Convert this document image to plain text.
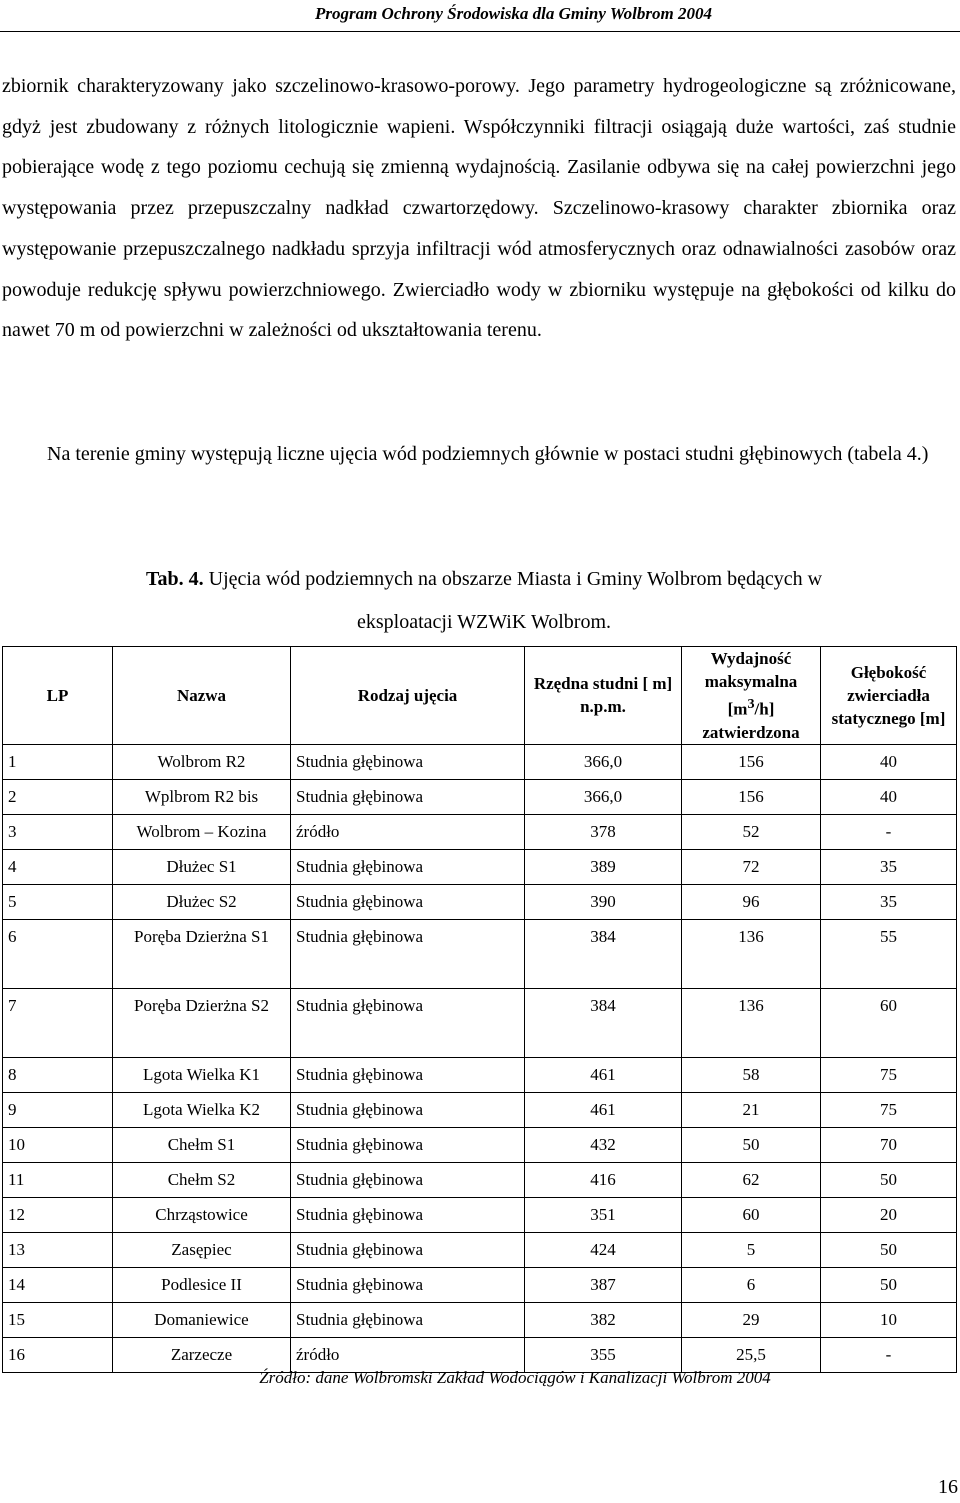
Program Ochrony Środowiska dla Gminy Wolbrom 2004
zbiornik charakteryzowany jako szczelinowo-krasowo-porowy. Jego parametry hydrogeologiczne są zróżnicowane, gdyż jest zbudowany z różnych litologicznie wapieni. Współczynniki filtracji osiągają duże wartości, zaś studnie pobierające wodę z tego poziomu cechują się zmienną wydajnością. Zasilanie odbywa się na całej powierzchni jego występowania przez przepuszczalny nadkład czwartorzędowy. Szczelinowo-krasowy charakter zbiornika oraz występowanie przepuszczalnego nadkładu sprzyja infiltracji wód atmosferycznych oraz odnawialności zasobów oraz powoduje redukcję spływu powierzchniowego. Zwierciadło wody w zbiorniku występuje na głębokości od kilku do nawet 70 m od powierzchni w zależności od ukształtowania terenu.
Na terenie gminy występują liczne ujęcia wód podziemnych głównie w postaci studni głębinowych (tabela 4.)
Tab. 4. Ujęcia wód podziemnych na obszarze Miasta i Gminy Wolbrom będących w eksploatacji WZWiK Wolbrom.
LP	Nazwa	Rodzaj ujęcia	Rzędna studni [ m] n.p.m.	Wydajność maksymalna $[m^3/h]$ zatwierdzona	Głębokość zwierciadła statycznego [m]
1	Wolbrom R2	Studnia głębinowa	366,0	156	40
2	Wplbrom R2 bis	Studnia głębinowa	366,0	156	40
3	Wolbrom – Kozina	źródło	378	52	-
4	Dłużec S1	Studnia głębinowa	389	72	35
5	Dłużec S2	Studnia głębinowa	390	96	35
6	Poręba Dzierżna S1	Studnia głębinowa	384	136	55
7	Poręba Dzierżna S2	Studnia głębinowa	384	136	60
8	Lgota Wielka K1	Studnia głębinowa	461	58	75
9	Lgota Wielka K2	Studnia głębinowa	461	21	75
10	Chełm S1	Studnia głębinowa	432	50	70
11	Chełm S2	Studnia głębinowa	416	62	50
12	Chrząstowice	Studnia głębinowa	351	60	20
13	Zasępiec	Studnia głębinowa	424	5	50
14	Podlesice II	Studnia głębinowa	387	6	50
15	Domaniewice	Studnia głębinowa	382	29	10
16	Zarzecze	źródło	355	25,5	-
Źródło: dane Wolbromski Zakład Wodociągów i Kanalizacji Wolbrom 2004
16
